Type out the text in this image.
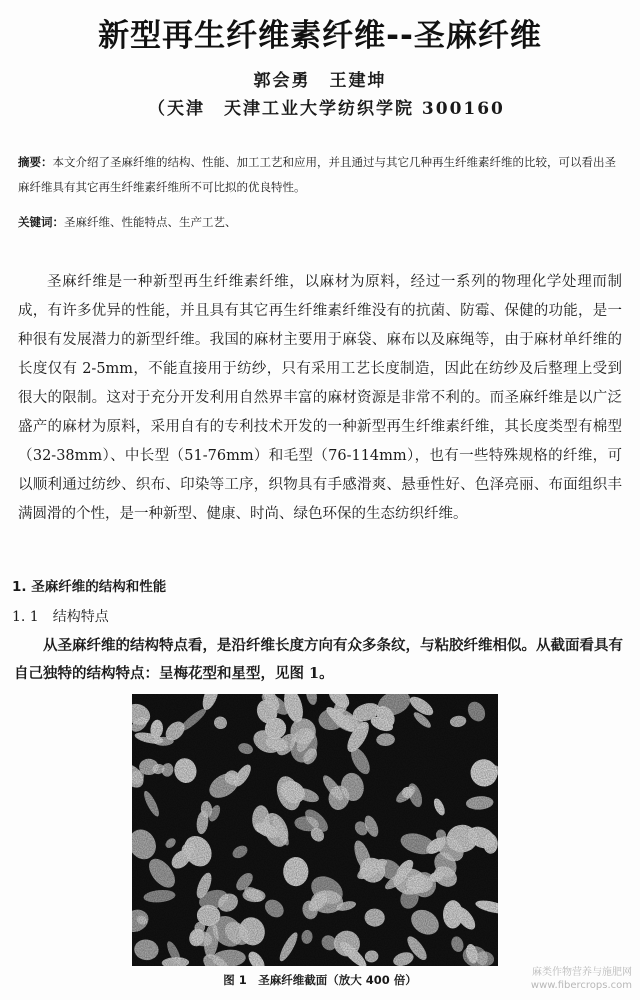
新型再生纤维素纤维--圣麻纤维
郭会勇　王建坤
（天津　天津工业大学纺织学院 300160
摘要：本文介绍了圣麻纤维的结构、性能、加工工艺和应用，并且通过与其它几种再生纤维素纤维的比较，可以看出圣麻纤维具有其它再生纤维素纤维所不可比拟的优良特性。
关键词：圣麻纤维、性能特点、生产工艺、
圣麻纤维是一种新型再生纤维素纤维，以麻材为原料，经过一系列的物理化学处理而制成，有许多优异的性能，并且具有其它再生纤维素纤维没有的抗菌、防霉、保健的功能，是一种很有发展潜力的新型纤维。我国的麻材主要用于麻袋、麻布以及麻绳等，由于麻材单纤维的长度仅有 2-5mm，不能直接用于纺纱，只有采用工艺长度制造，因此在纺纱及后整理上受到很大的限制。这对于充分开发利用自然界丰富的麻材资源是非常不利的。而圣麻纤维是以广泛盛产的麻材为原料，采用自有的专利技术开发的一种新型再生纤维素纤维，其长度类型有棉型（32-38mm）、中长型（51-76mm）和毛型（76-114mm），也有一些特殊规格的纤维，可以顺利通过纺纱、织布、印染等工序，织物具有手感滑爽、悬垂性好、色泽亮丽、布面组织丰满圆滑的个性，是一种新型、健康、时尚、绿色环保的生态纺织纤维。
1. 圣麻纤维的结构和性能
1. 1　结构特点
从圣麻纤维的结构特点看，是沿纤维长度方向有众多条纹，与粘胶纤维相似。从截面看具有自己独特的结构特点：呈梅花型和星型，见图 1。
图 1　圣麻纤维截面（放大 400 倍）
麻类作物营养与施肥网
www.fibercrops.com
